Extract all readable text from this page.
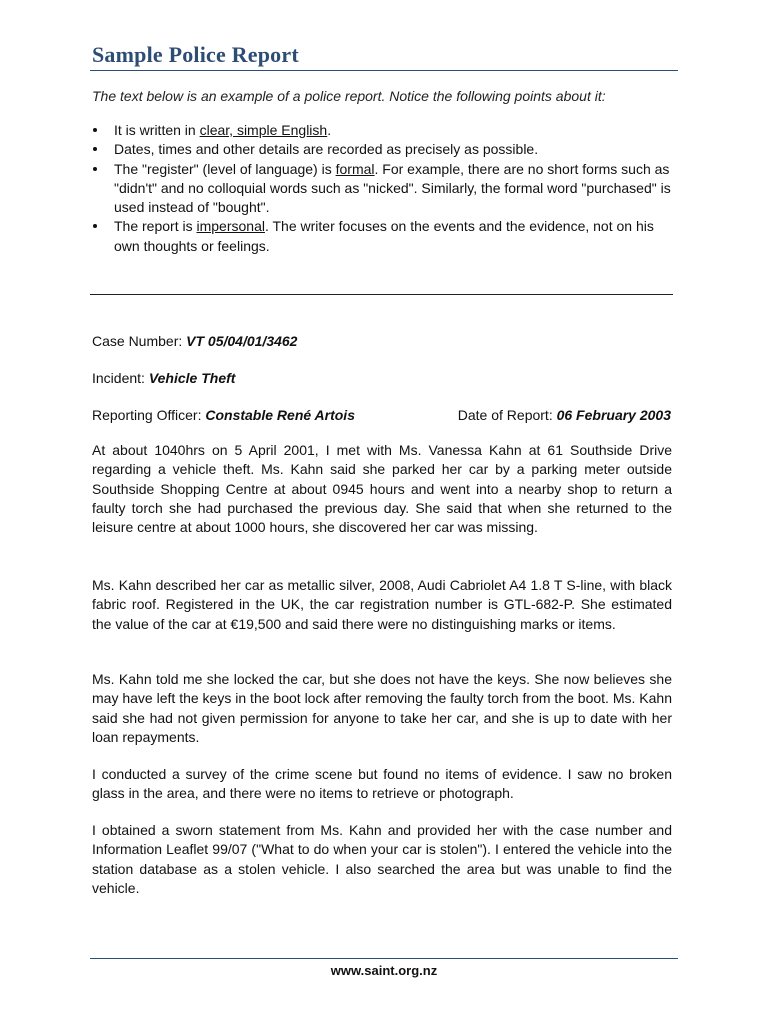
Sample Police Report
The text below is an example of a police report. Notice the following points about it:
It is written in clear, simple English.
Dates, times and other details are recorded as precisely as possible.
The "register" (level of language) is formal. For example, there are no short forms such as "didn't" and no colloquial words such as "nicked". Similarly, the formal word "purchased" is used instead of "bought".
The report is impersonal. The writer focuses on the events and the evidence, not on his own thoughts or feelings.
Case Number: VT 05/04/01/3462
Incident: Vehicle Theft
Reporting Officer: Constable René Artois	Date of Report: 06 February 2003
At about 1040hrs on 5 April 2001, I met with Ms. Vanessa Kahn at 61 Southside Drive regarding a vehicle theft. Ms. Kahn said she parked her car by a parking meter outside Southside Shopping Centre at about 0945 hours and went into a nearby shop to return a faulty torch she had purchased the previous day. She said that when she returned to the leisure centre at about 1000 hours, she discovered her car was missing.
Ms. Kahn described her car as metallic silver, 2008, Audi Cabriolet A4 1.8 T S-line, with black fabric roof. Registered in the UK, the car registration number is GTL-682-P. She estimated the value of the car at €19,500 and said there were no distinguishing marks or items.
Ms. Kahn told me she locked the car, but she does not have the keys. She now believes she may have left the keys in the boot lock after removing the faulty torch from the boot. Ms. Kahn said she had not given permission for anyone to take her car, and she is up to date with her loan repayments.
I conducted a survey of the crime scene but found no items of evidence. I saw no broken glass in the area, and there were no items to retrieve or photograph.
I obtained a sworn statement from Ms. Kahn and provided her with the case number and Information Leaflet 99/07 ("What to do when your car is stolen"). I entered the vehicle into the station database as a stolen vehicle. I also searched the area but was unable to find the vehicle.
www.saint.org.nz
